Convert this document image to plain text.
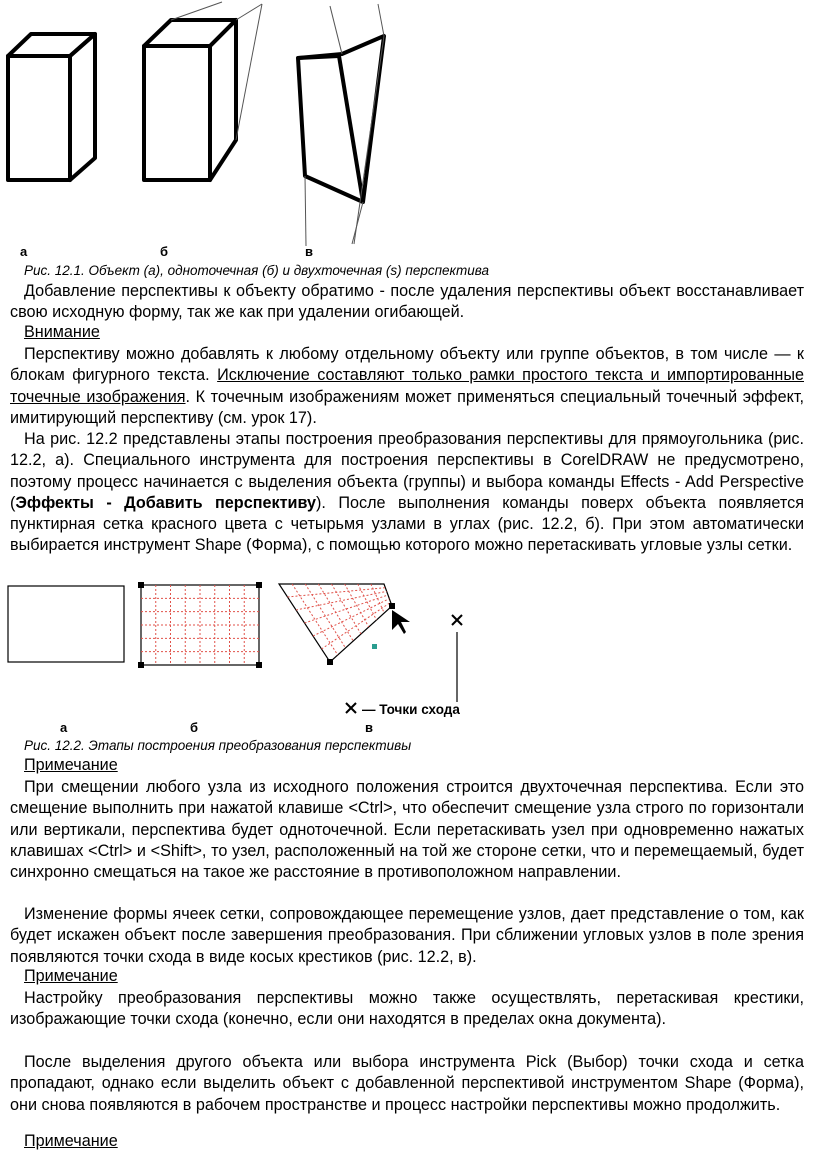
а	б	в
Рис. 12.1. Объект (а), одноточечная (б) и двухточечная (s) перспектива

Добавление перспективы к объекту обратимо - после удаления перспективы объект восстанавливает свою исходную форму, так же как при удалении огибающей.

Внимание

Перспективу можно добавлять к любому отдельному объекту или группе объектов, в том числе — к блокам фигурного текста. Исключение составляют только рамки простого текста и импортированные точечные изображения. К точечным изображениям может применяться специальный точечный эффект, имитирующий перспективу (см. урок 17).

На рис. 12.2 представлены этапы построения преобразования перспективы для прямоугольника (рис. 12.2, а). Специального инструмента для построения перспективы в CorelDRAW не предусмотрено, поэтому процесс начинается с выделения объекта (группы) и выбора команды Effects - Add Perspective (Эффекты - Добавить перспективу). После выполнения команды поверх объекта появляется пунктирная сетка красного цвета с четырьмя узлами в углах (рис. 12.2, б). При этом автоматически выбирается инструмент Shape (Форма), с помощью которого можно перетаскивать угловые узлы сетки.

— Точки схода
а	б	в
Рис. 12.2. Этапы построения преобразования перспективы
Примечание

При смещении любого узла из исходного положения строится двухточечная перспектива. Если это смещение выполнить при нажатой клавише <Ctrl>, что обеспечит смещение узла строго по горизонтали или вертикали, перспектива будет одноточечной. Если перетаскивать узел при одновременно нажатых клавишах <Ctrl> и <Shift>, то узел, расположенный на той же стороне сетки, что и перемещаемый, будет синхронно смещаться на такое же расстояние в противоположном направлении.

Изменение формы ячеек сетки, сопровождающее перемещение узлов, дает представление о том, как будет искажен объект после завершения преобразования. При сближении угловых узлов в поле зрения появляются точки схода в виде косых крестиков (рис. 12.2, в).

Примечание

Настройку преобразования перспективы можно также осуществлять, перетаскивая крестики, изображающие точки схода (конечно, если они находятся в пределах окна документа).

После выделения другого объекта или выбора инструмента Pick (Выбор) точки схода и сетка пропадают, однако если выделить объект с добавленной перспективой инструментом Shape (Форма), они снова появляются в рабочем пространстве и процесс настройки перспективы можно продолжить.

Примечание
